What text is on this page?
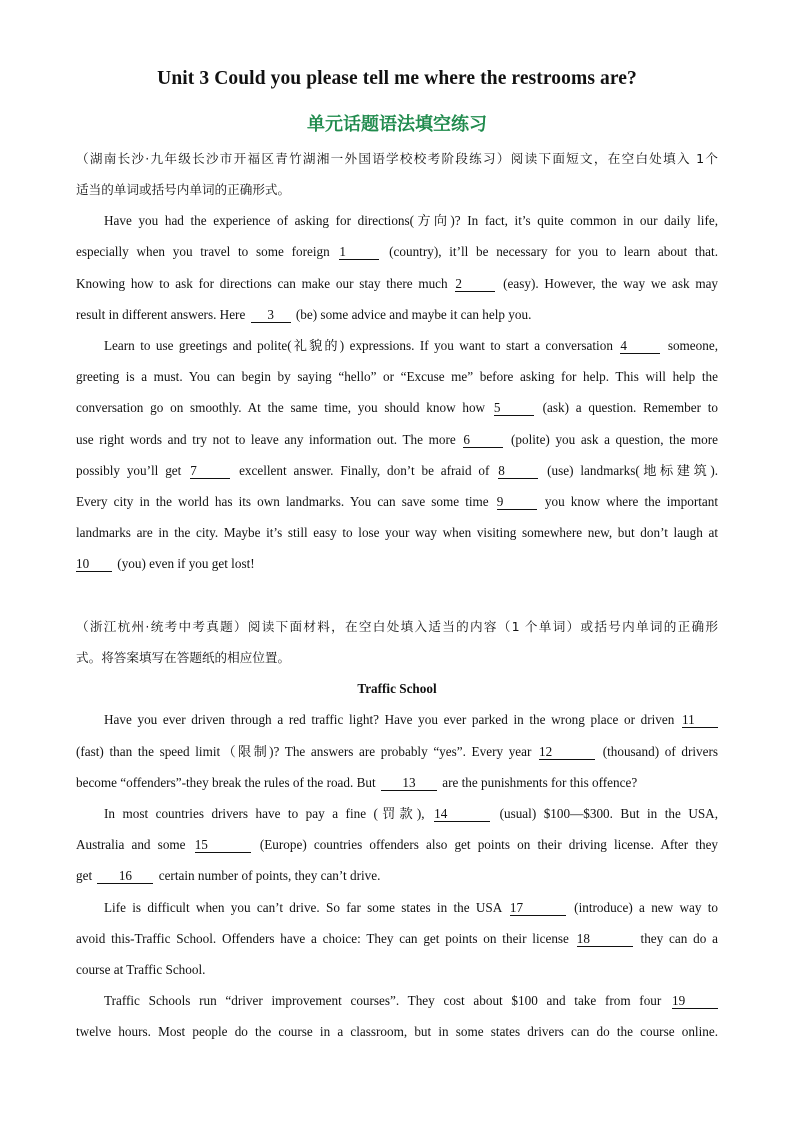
Unit 3 Could you please tell me where the restrooms are?
单元话题语法填空练习
（湖南长沙·九年级长沙市开福区青竹湖湘一外国语学校校考阶段练习）阅读下面短文，在空白处填入 1个
适当的单词或括号内单词的正确形式。
Have you had the experience of asking for directions(方向)? In fact, it’s quite common in our daily life,
especially when you travel to some foreign 1	(country), it’ll be necessary for you to learn about that.
Knowing how to ask for directions can make our stay there much 2	(easy). However, the way we ask may
result in different answers. Here 3 (be) some advice and maybe it can help you.
Learn to use greetings and polite(礼貌的) expressions. If you want to start a conversation 4	someone,
greeting is a must. You can begin by saying “hello” or “Excuse me” before asking for help. This will help the
conversation go on smoothly. At the same time, you should know how 5	(ask) a question. Remember to
use right words and try not to leave any information out. The more 6	(polite) you ask a question, the more
possibly you’ll get 7	excellent answer. Finally, don’t be afraid of 8	(use) landmarks(地标建筑).
Every city in the world has its own landmarks. You can save some time 9	you know where the important
landmarks are in the city. Maybe it’s still easy to lose your way when visiting somewhere new, but don’t laugh at
10 (you) even if you get lost!
（浙江杭州·统考中考真题）阅读下面材料，在空白处填入适当的内容（1 个单词）或括号内单词的正确形
式。将答案填写在答题纸的相应位置。
Traffic School
Have you ever driven through a red traffic light? Have you ever parked in the wrong place or driven 11
(fast) than the speed limit（限制)? The answers are probably “yes”. Every year 12	(thousand) of drivers
become “offenders”-they break the rules of the road. But 13 are the punishments for this offence?
In most countries drivers have to pay a fine (罚款), 14	(usual) $100—$300. But in the USA,
Australia and some 15	(Europe) countries offenders also get points on their driving license. After they
get 16 certain number of points, they can’t drive.
Life is difficult when you can’t drive. So far some states in the USA 17	(introduce) a new way to
avoid this-Traffic School. Offenders have a choice: They can get points on their license 18	they can do a
course at Traffic School.
Traffic Schools run “driver improvement courses”. They cost about $100 and take from four 19
twelve hours. Most people do the course in a classroom, but in some states drivers can do the course online.
